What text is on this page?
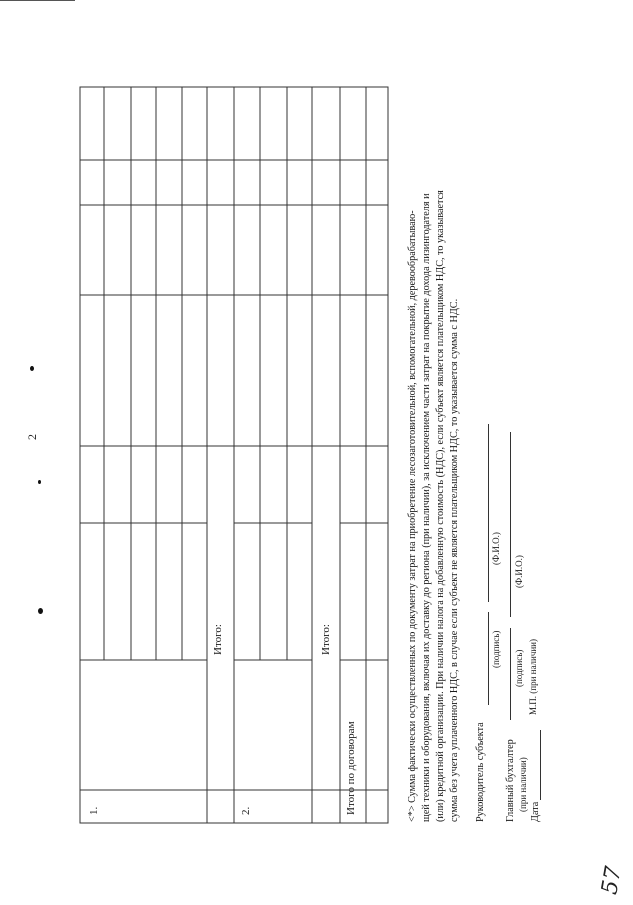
2
1.
Итого:
2.
Итого:
Итого по договорам	<*> Сумма фактически осуществленных по документу затрат на приобретение лесозаготовительной, вспомогательной, деревообрабатываю- щей техники и оборудования, включая их доставку до региона (при наличии), за исключением части затрат на покрытие дохода лизингодателя и (или) кредитной организации. При наличии налога на добавленную стоимость (НДС), если субъект является плательщиком НДС, то указывается сумма без учета уплаченного НДС, в случае если субъект не является плательщиком НДС, то указывается сумма с НДС. Руководитель субъекта
(подпись)
(Ф.И.О.)
Главный бухгалтер (при наличии)
(подпись)
(Ф.И.О.)
Дата
М.П. (при наличии)
57
